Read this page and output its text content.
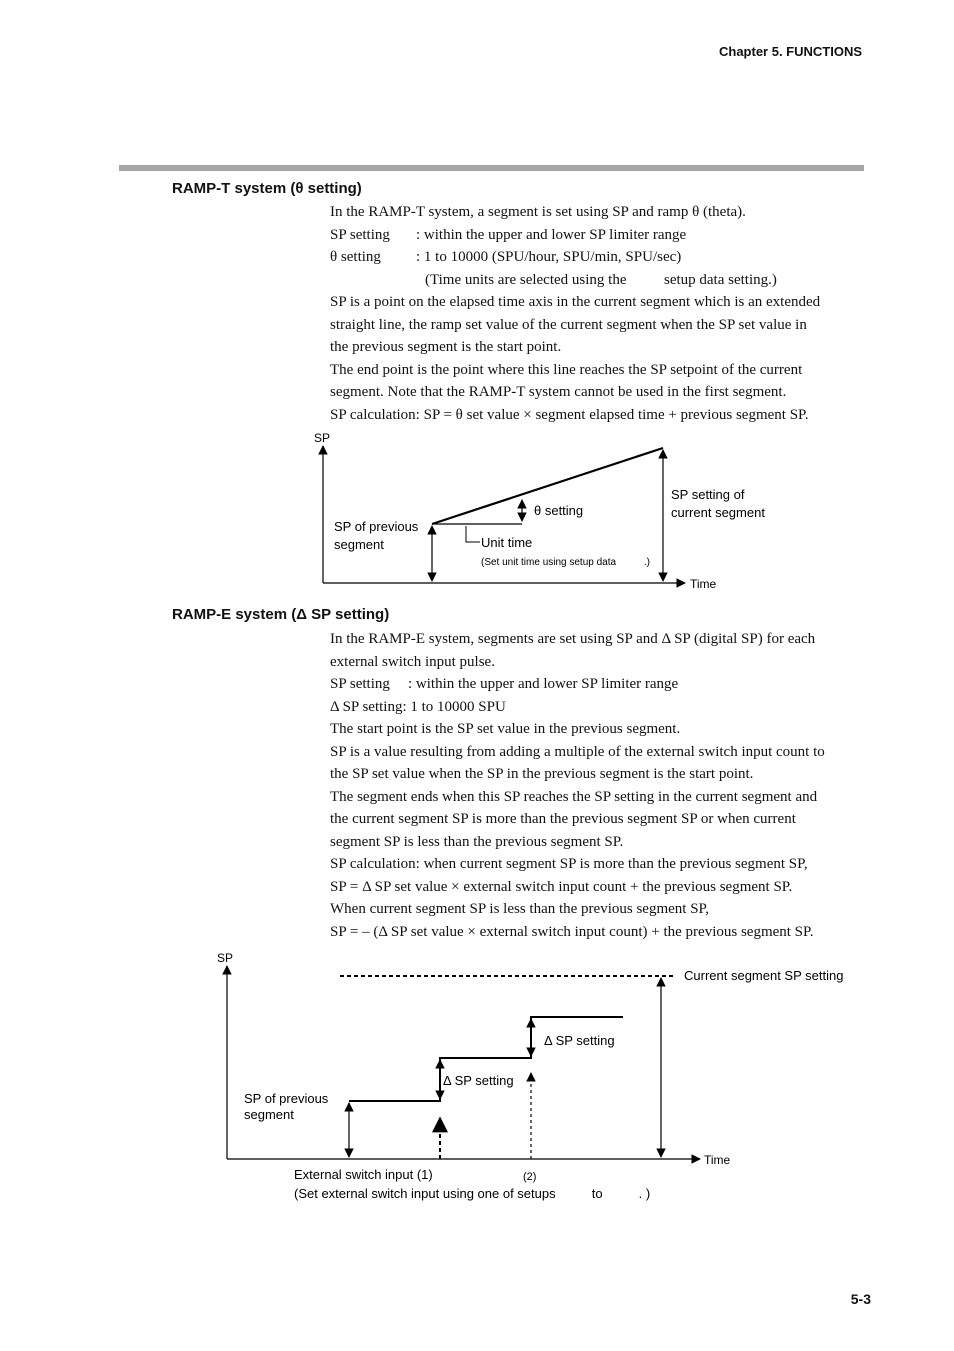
Chapter 5. FUNCTIONS
RAMP-T system (θ setting)

In the RAMP-T system, a segment is set using SP and ramp θ (theta).

SP setting	: within the upper and lower SP limiter range
θ setting	: 1 to 10000 (SPU/hour, SPU/min, SPU/sec)

(Time units are selected using the          setup data setting.)

SP is a point on the elapsed time axis in the current segment which is an extended

straight line, the ramp set value of the current segment when the SP set value in

the previous segment is the start point.

The end point is the point where this line reaches the SP setpoint of the current

segment. Note that the RAMP-T system cannot be used in the first segment.

SP calculation: SP = θ set value × segment elapsed time + previous segment SP.

SP
Time
θ setting
Unit time
(Set unit time using setup data          .)
SP of previous
segment
SP setting of
current segment
RAMP-E system (Δ SP setting)

In the RAMP-E system, segments are set using SP and Δ SP (digital SP) for each

external switch input pulse.

SP setting	: within the upper and lower SP limiter range

Δ SP setting: 1 to 10000 SPU

The start point is the SP set value in the previous segment.

SP is a value resulting from adding a multiple of the external switch input count to

the SP set value when the SP in the previous segment is the start point.

The segment ends when this SP reaches the SP setting in the current segment and

the current segment SP is more than the previous segment SP or when current

segment SP is less than the previous segment SP.

SP calculation: when current segment SP is more than the previous segment SP,

SP = Δ SP set value × external switch input count + the previous segment SP.

When current segment SP is less than the previous segment SP,

SP = – (Δ SP set value × external switch input count) + the previous segment SP.

SP
Time
Current segment SP setting
SP of previous
segment
Δ SP setting
Δ SP setting
External switch input (1)	(2)
(Set external switch input using one of setups          to          . )
5-3
